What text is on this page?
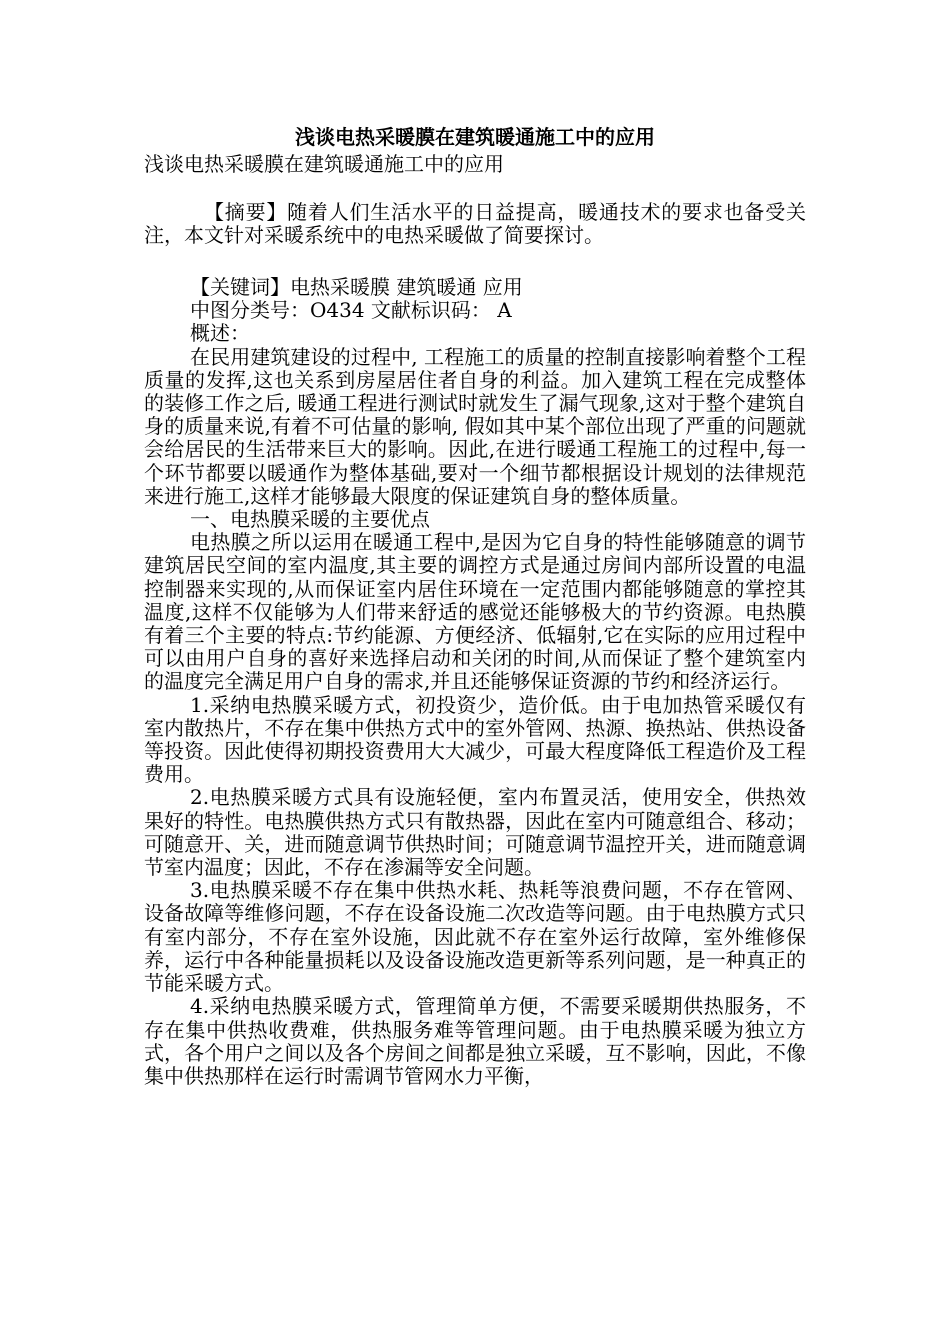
浅谈电热采暖膜在建筑暖通施工中的应用

浅谈电热采暖膜在建筑暖通施工中的应用

【摘要】随着人们生活水平的日益提高，暖通技术的要求也备受关注，本文针对采暖系统中的电热采暖做了简要探讨。

【关键词】电热采暖膜 建筑暖通 应用

中图分类号：O434 文献标识码： A

概述：

在民用建筑建设的过程中, 工程施工的质量的控制直接影响着整个工程质量的发挥,这也关系到房屋居住者自身的利益。加入建筑工程在完成整体的装修工作之后, 暖通工程进行测试时就发生了漏气现象,这对于整个建筑自身的质量来说,有着不可估量的影响, 假如其中某个部位出现了严重的问题就会给居民的生活带来巨大的影响。因此,在进行暖通工程施工的过程中,每一个环节都要以暖通作为整体基础,要对一个细节都根据设计规划的法律规范来进行施工,这样才能够最大限度的保证建筑自身的整体质量。

一、电热膜采暖的主要优点

电热膜之所以运用在暖通工程中,是因为它自身的特性能够随意的调节建筑居民空间的室内温度,其主要的调控方式是通过房间内部所设置的电温控制器来实现的,从而保证室内居住环境在一定范围内都能够随意的掌控其温度,这样不仅能够为人们带来舒适的感觉还能够极大的节约资源。电热膜有着三个主要的特点:节约能源、方便经济、低辐射,它在实际的应用过程中可以由用户自身的喜好来选择启动和关闭的时间,从而保证了整个建筑室内的温度完全满足用户自身的需求,并且还能够保证资源的节约和经济运行。

1.采纳电热膜采暖方式，初投资少，造价低。由于电加热管采暖仅有室内散热片，不存在集中供热方式中的室外管网、热源、换热站、供热设备等投资。因此使得初期投资费用大大减少，可最大程度降低工程造价及工程费用。

2.电热膜采暖方式具有设施轻便，室内布置灵活，使用安全，供热效果好的特性。电热膜供热方式只有散热器，因此在室内可随意组合、移动；可随意开、关，进而随意调节供热时间；可随意调节温控开关，进而随意调节室内温度；因此，不存在渗漏等安全问题。

3.电热膜采暖不存在集中供热水耗、热耗等浪费问题，不存在管网、设备故障等维修问题，不存在设备设施二次改造等问题。由于电热膜方式只有室内部分，不存在室外设施，因此就不存在室外运行故障，室外维修保养，运行中各种能量损耗以及设备设施改造更新等系列问题，是一种真正的节能采暖方式。

4.采纳电热膜采暖方式，管理简单方便，不需要采暖期供热服务，不存在集中供热收费难，供热服务难等管理问题。由于电热膜采暖为独立方式，各个用户之间以及各个房间之间都是独立采暖，互不影响，因此，不像集中供热那样在运行时需调节管网水力平衡，
